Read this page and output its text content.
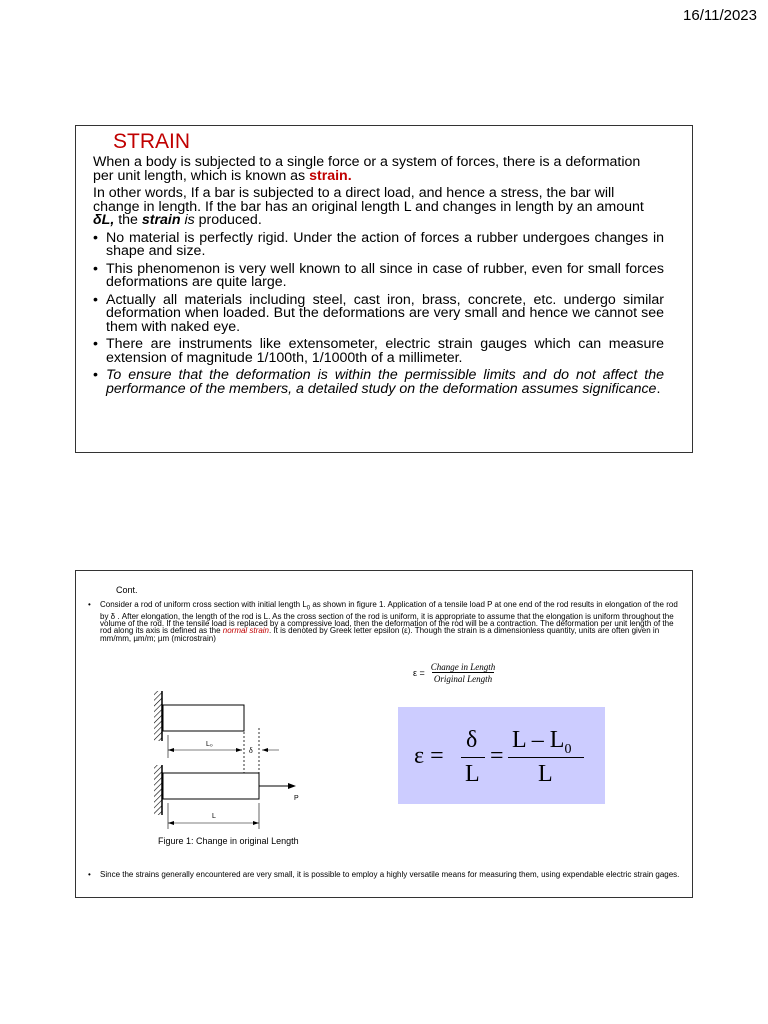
16/11/2023
STRAIN

When a body is subjected to a single force or a system of forces, there is a deformation per unit length, which is known as strain.

In other words, If a bar is subjected to a direct load, and hence a stress, the bar will change in length. If the bar has an original length L and changes in length by an amount δL, the strain is produced.

• No material is perfectly rigid. Under the action of forces a rubber undergoes changes in shape and size.
• This phenomenon is very well known to all since in case of rubber, even for small forces deformations are quite large.
• Actually all materials including steel, cast iron, brass, concrete, etc. undergo similar deformation when loaded. But the deformations are very small and hence we cannot see them with naked eye.
• There are instruments like extensometer, electric strain gauges which can measure extension of magnitude 1/100th, 1/1000th of a millimeter.
• To ensure that the deformation is within the permissible limits and do not affect the performance of the members, a detailed study on the deformation assumes significance.
Cont.
• Consider a rod of uniform cross section with initial length $L_0$ as shown in figure 1. Application of a tensile load P at one end of the rod results in elongation of the rod by δ . After elongation, the length of the rod is L. As the cross section of the rod is uniform, it is appropriate to assume that the elongation is uniform throughout the volume of the rod. If the tensile load is replaced by a compressive load, then the deformation of the rod will be a contraction. The deformation per unit length of the rod along its axis is defined as the normal strain. It is denoted by Greek letter epsilon (ε). Though the strain is a dimensionless quantity, units are often given in mm/mm, µm/m; µm (microstrain)
$\varepsilon = \frac{\text{Change in Length}}{\text{Original Length}}$
L₀
δ
P
L
Figure 1: Change in original Length
ε =
δ
L
=
L – $L_0$
L
• Since the strains generally encountered are very small, it is possible to employ a highly versatile means for measuring them, using expendable electric strain gages.
